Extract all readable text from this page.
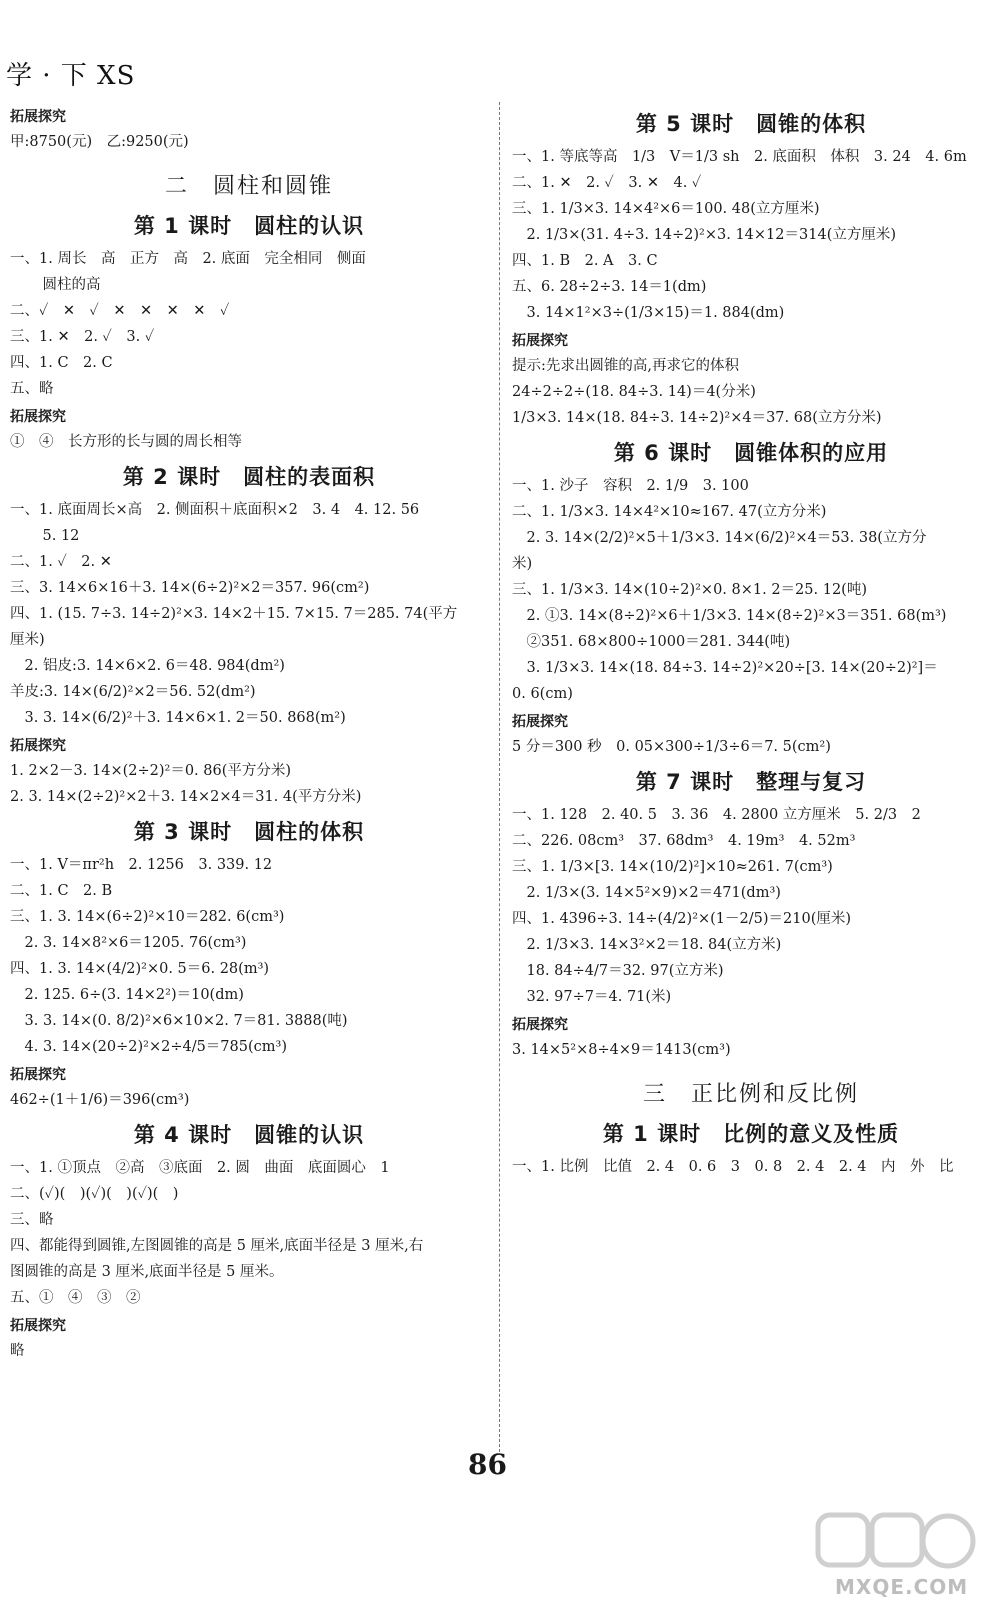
学 · 下 XS
拓展探究
甲:8750(元)　乙:9250(元)
二　圆柱和圆锥
第 1 课时　圆柱的认识
一、1. 周长　高　正方　高　2. 底面　完全相同　侧面
　圆柱的高
二、✓　✕　✓　✕　✕　✕　✕　✓
三、1. ✕　2. ✓　3. ✓
四、1. C　2. C
五、略
拓展探究
①　④　长方形的长与圆的周长相等
第 2 课时　圆柱的表面积
一、1. 底面周长×高　2. 侧面积＋底面积×2　3. 4　4. 12. 56
　5. 12
二、1. ✓　2. ✕
三、3. 14×6×16＋3. 14×(6÷2)²×2＝357. 96(cm²)
四、1. (15. 7÷3. 14÷2)²×3. 14×2＋15. 7×15. 7＝285. 74(平方
厘米)
　2. 铝皮:3. 14×6×2. 6＝48. 984(dm²)
羊皮:3. 14×(6/2)²×2＝56. 52(dm²)
　3. 3. 14×(6/2)²＋3. 14×6×1. 2＝50. 868(m²)
拓展探究
1. 2×2－3. 14×(2÷2)²＝0. 86(平方分米)
2. 3. 14×(2÷2)²×2＋3. 14×2×4＝31. 4(平方分米)
第 3 课时　圆柱的体积
一、1. V＝πr²h　2. 1256　3. 339. 12
二、1. C　2. B
三、1. 3. 14×(6÷2)²×10＝282. 6(cm³)
　2. 3. 14×8²×6＝1205. 76(cm³)
四、1. 3. 14×(4/2)²×0. 5＝6. 28(m³)
　2. 125. 6÷(3. 14×2²)＝10(dm)
　3. 3. 14×(0. 8/2)²×6×10×2. 7＝81. 3888(吨)
　4. 3. 14×(20÷2)²×2÷4/5＝785(cm³)
拓展探究
462÷(1＋1/6)＝396(cm³)
第 4 课时　圆锥的认识
一、1. ①顶点　②高　③底面　2. 圆　曲面　底面圆心　1
二、(✓)(　)(✓)(　)(✓)(　)
三、略
四、都能得到圆锥,左图圆锥的高是 5 厘米,底面半径是 3 厘米,右
图圆锥的高是 3 厘米,底面半径是 5 厘米。
五、①　④　③　②
拓展探究
略
第 5 课时　圆锥的体积
一、1. 等底等高　1/3　V＝1/3 sh　2. 底面积　体积　3. 24　4. 6m
二、1. ✕　2. ✓　3. ✕　4. ✓
三、1. 1/3×3. 14×4²×6＝100. 48(立方厘米)
　2. 1/3×(31. 4÷3. 14÷2)²×3. 14×12＝314(立方厘米)
四、1. B　2. A　3. C
五、6. 28÷2÷3. 14＝1(dm)
　3. 14×1²×3÷(1/3×15)＝1. 884(dm)
拓展探究
提示:先求出圆锥的高,再求它的体积
24÷2÷2÷(18. 84÷3. 14)＝4(分米)
1/3×3. 14×(18. 84÷3. 14÷2)²×4＝37. 68(立方分米)
第 6 课时　圆锥体积的应用
一、1. 沙子　容积　2. 1/9　3. 100
二、1. 1/3×3. 14×4²×10≈167. 47(立方分米)
　2. 3. 14×(2/2)²×5＋1/3×3. 14×(6/2)²×4＝53. 38(立方分
米)
三、1. 1/3×3. 14×(10÷2)²×0. 8×1. 2＝25. 12(吨)
　2. ①3. 14×(8÷2)²×6＋1/3×3. 14×(8÷2)²×3＝351. 68(m³)
　②351. 68×800÷1000＝281. 344(吨)
　3. 1/3×3. 14×(18. 84÷3. 14÷2)²×20÷[3. 14×(20÷2)²]＝
0. 6(cm)
拓展探究
5 分＝300 秒　0. 05×300÷1/3÷6＝7. 5(cm²)
第 7 课时　整理与复习
一、1. 128　2. 40. 5　3. 36　4. 2800 立方厘米　5. 2/3　2
二、226. 08cm³　37. 68dm³　4. 19m³　4. 52m³
三、1. 1/3×[3. 14×(10/2)²]×10≈261. 7(cm³)
　2. 1/3×(3. 14×5²×9)×2＝471(dm³)
四、1. 4396÷3. 14÷(4/2)²×(1－2/5)＝210(厘米)
　2. 1/3×3. 14×3²×2＝18. 84(立方米)
　18. 84÷4/7＝32. 97(立方米)
　32. 97÷7＝4. 71(米)
拓展探究
3. 14×5²×8÷4×9＝1413(cm³)
三　正比例和反比例
第 1 课时　比例的意义及性质
一、1. 比例　比值　2. 4　0. 6　3　0. 8　2. 4　2. 4　内　外　比
86
MXQE.COM
